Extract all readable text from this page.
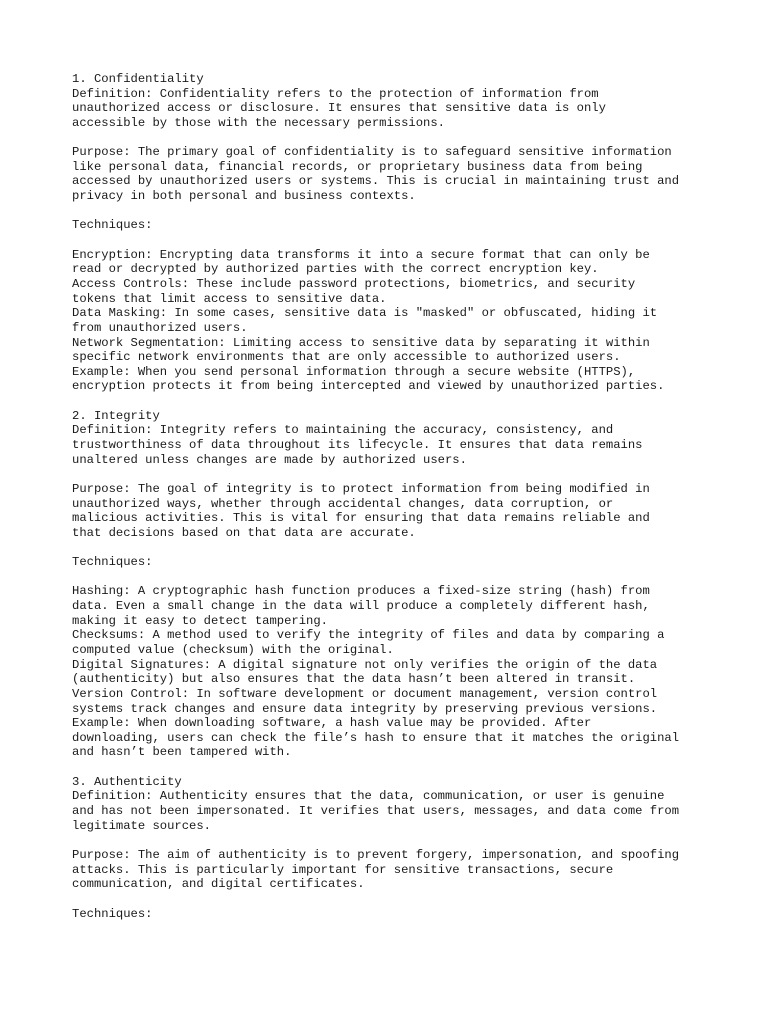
1. Confidentiality
Definition: Confidentiality refers to the protection of information from
unauthorized access or disclosure. It ensures that sensitive data is only
accessible by those with the necessary permissions.
Purpose: The primary goal of confidentiality is to safeguard sensitive information
like personal data, financial records, or proprietary business data from being
accessed by unauthorized users or systems. This is crucial in maintaining trust and
privacy in both personal and business contexts.
Techniques:
Encryption: Encrypting data transforms it into a secure format that can only be
read or decrypted by authorized parties with the correct encryption key.
Access Controls: These include password protections, biometrics, and security
tokens that limit access to sensitive data.
Data Masking: In some cases, sensitive data is "masked" or obfuscated, hiding it
from unauthorized users.
Network Segmentation: Limiting access to sensitive data by separating it within
specific network environments that are only accessible to authorized users.
Example: When you send personal information through a secure website (HTTPS),
encryption protects it from being intercepted and viewed by unauthorized parties.
2. Integrity
Definition: Integrity refers to maintaining the accuracy, consistency, and
trustworthiness of data throughout its lifecycle. It ensures that data remains
unaltered unless changes are made by authorized users.
Purpose: The goal of integrity is to protect information from being modified in
unauthorized ways, whether through accidental changes, data corruption, or
malicious activities. This is vital for ensuring that data remains reliable and
that decisions based on that data are accurate.
Techniques:
Hashing: A cryptographic hash function produces a fixed-size string (hash) from
data. Even a small change in the data will produce a completely different hash,
making it easy to detect tampering.
Checksums: A method used to verify the integrity of files and data by comparing a
computed value (checksum) with the original.
Digital Signatures: A digital signature not only verifies the origin of the data
(authenticity) but also ensures that the data hasn’t been altered in transit.
Version Control: In software development or document management, version control
systems track changes and ensure data integrity by preserving previous versions.
Example: When downloading software, a hash value may be provided. After
downloading, users can check the file’s hash to ensure that it matches the original
and hasn’t been tampered with.
3. Authenticity
Definition: Authenticity ensures that the data, communication, or user is genuine
and has not been impersonated. It verifies that users, messages, and data come from
legitimate sources.
Purpose: The aim of authenticity is to prevent forgery, impersonation, and spoofing
attacks. This is particularly important for sensitive transactions, secure
communication, and digital certificates.
Techniques:
